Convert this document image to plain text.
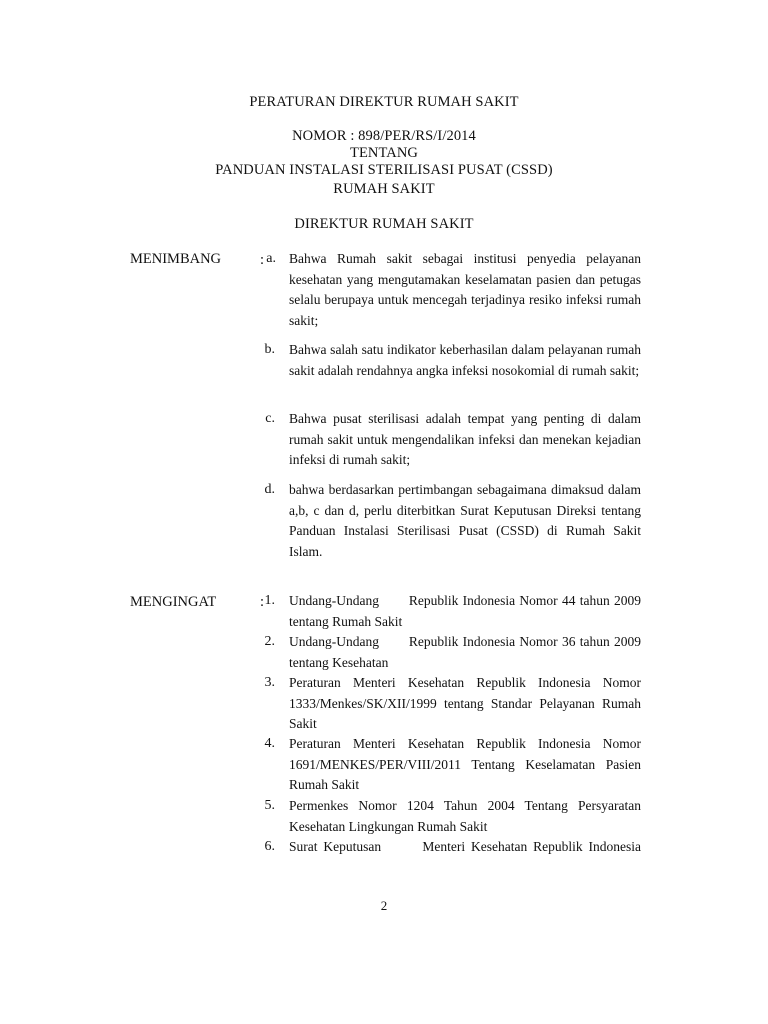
PERATURAN DIREKTUR RUMAH SAKIT
NOMOR : 898/PER/RS/I/2014
TENTANG
PANDUAN INSTALASI STERILISASI PUSAT (CSSD)
RUMAH SAKIT
DIREKTUR RUMAH SAKIT
MENIMBANG	: a. Bahwa Rumah sakit sebagai institusi penyedia pelayanan kesehatan yang mengutamakan keselamatan pasien dan petugas selalu berupaya untuk mencegah terjadinya resiko infeksi rumah sakit;
b. Bahwa salah satu indikator keberhasilan dalam pelayanan rumah sakit adalah rendahnya angka infeksi nosokomial di rumah sakit;
c. Bahwa pusat sterilisasi adalah tempat yang penting di dalam rumah sakit untuk mengendalikan infeksi dan menekan kejadian infeksi di rumah sakit;
d. bahwa berdasarkan pertimbangan sebagaimana dimaksud dalam a,b, c dan d, perlu diterbitkan Surat Keputusan Direksi tentang Panduan Instalasi Sterilisasi Pusat (CSSD) di Rumah Sakit Islam.
MENGINGAT	: 1. Undang-Undang       Republik Indonesia Nomor 44 tahun 2009 tentang Rumah Sakit
2. Undang-Undang       Republik Indonesia Nomor 36 tahun 2009 tentang Kesehatan
3. Peraturan Menteri Kesehatan Republik Indonesia Nomor 1333/Menkes/SK/XII/1999 tentang Standar Pelayanan Rumah Sakit
4. Peraturan Menteri Kesehatan Republik Indonesia Nomor 1691/MENKES/PER/VIII/2011 Tentang Keselamatan Pasien Rumah Sakit
5. Permenkes Nomor 1204 Tahun 2004 Tentang Persyaratan Kesehatan Lingkungan Rumah Sakit
6. Surat Keputusan       Menteri Kesehatan Republik Indonesia
2
